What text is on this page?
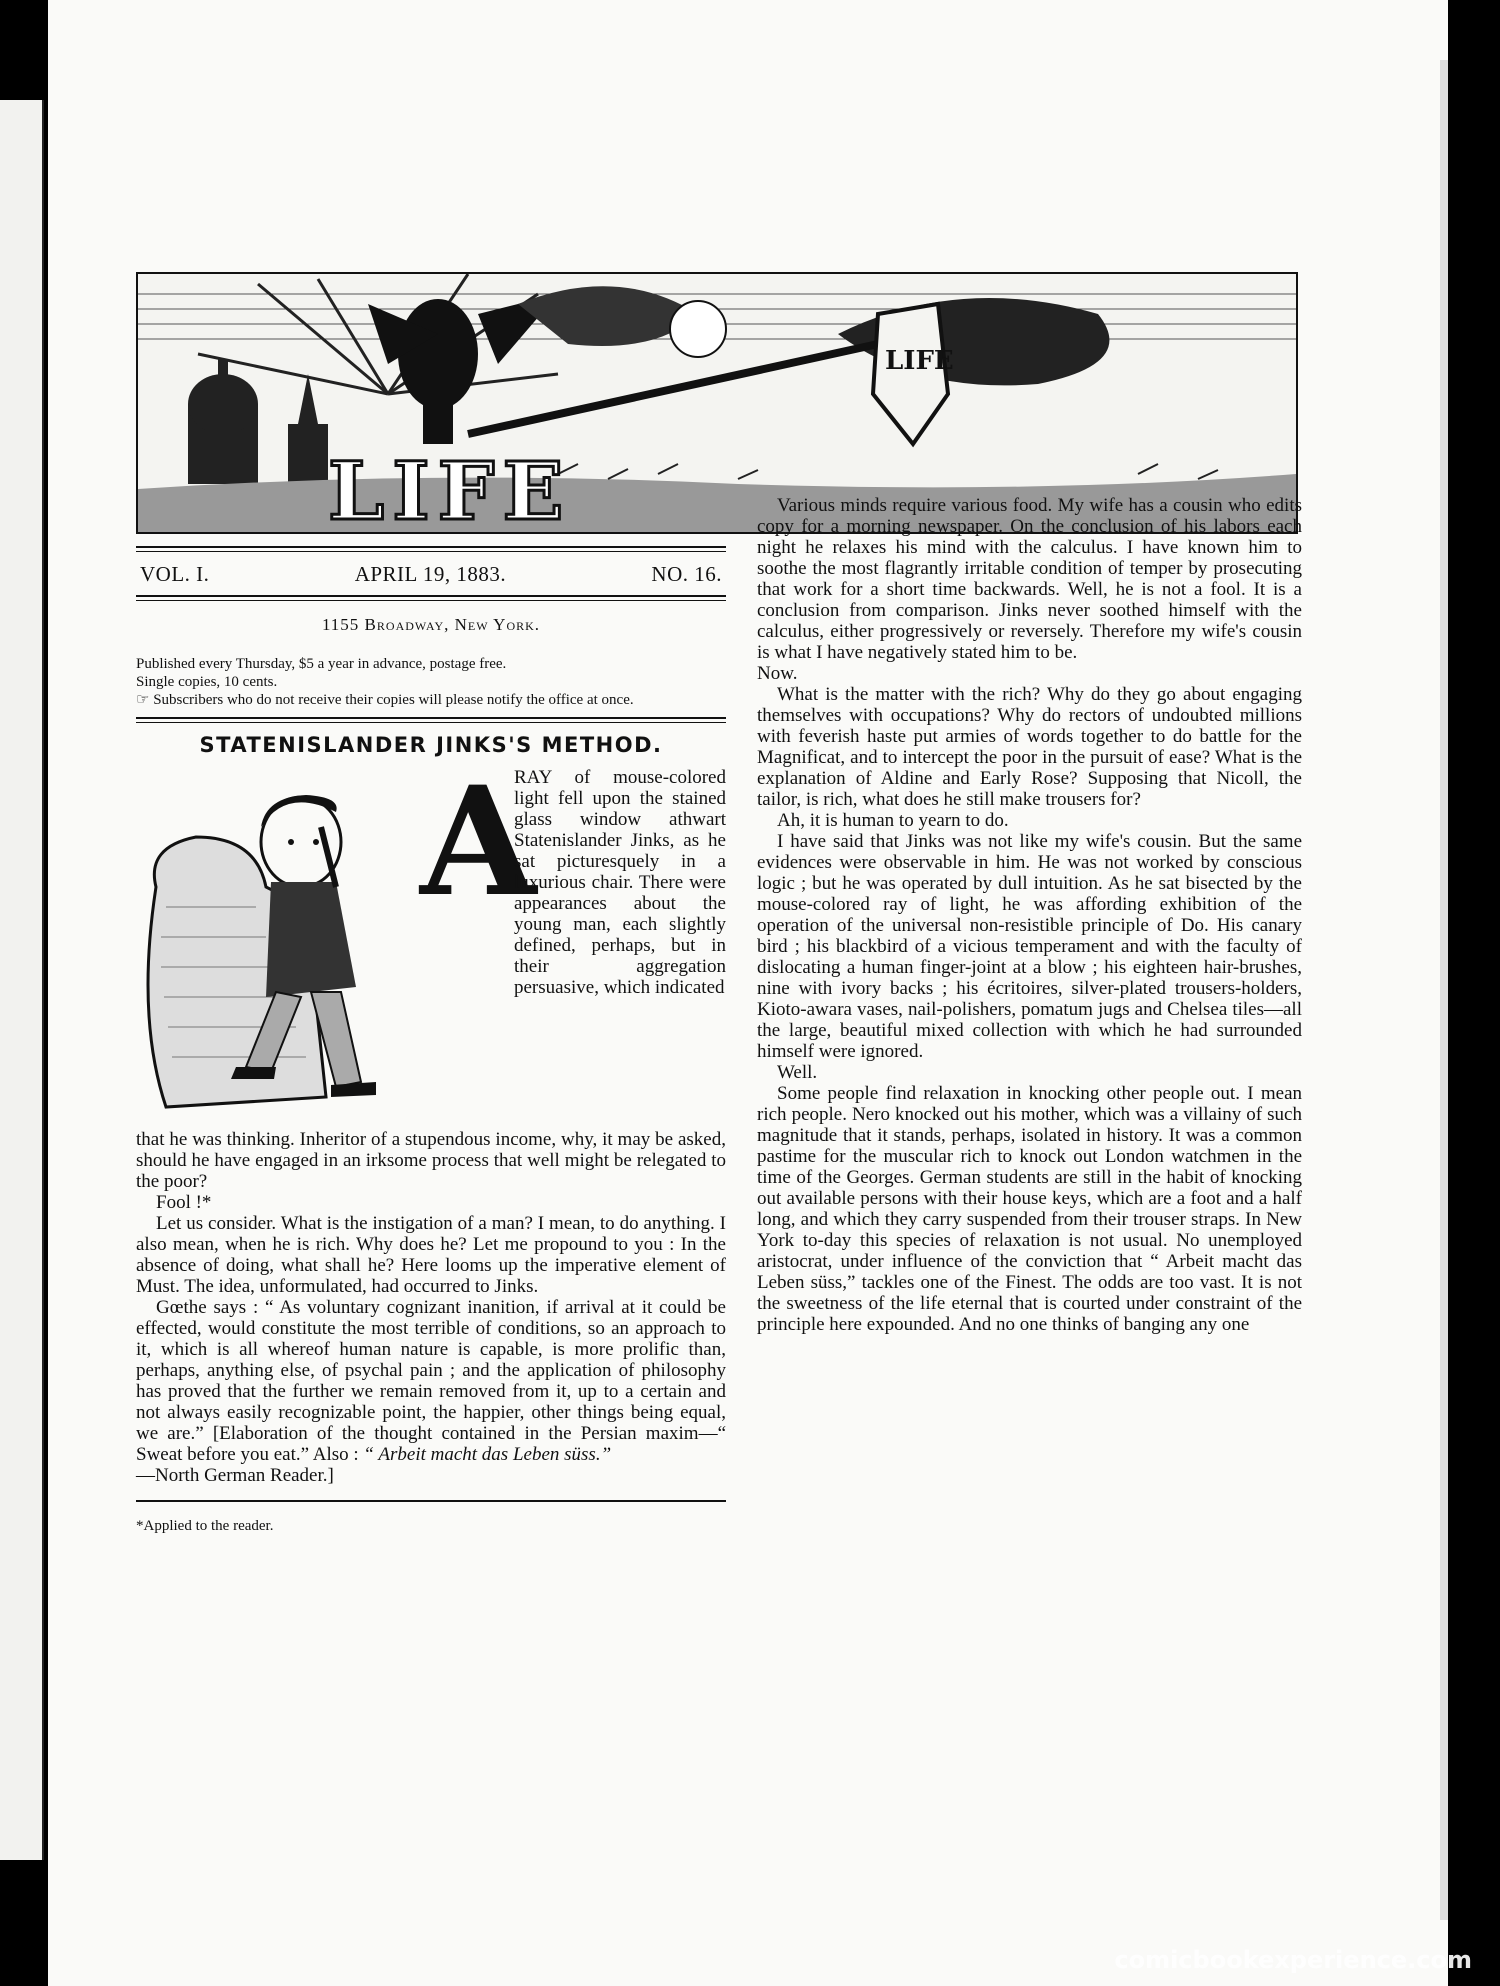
LIFE
LIFE
VOL. I.	APRIL 19, 1883.	NO. 16.
1155 Broadway, New York.

Published every Thursday, $5 a year in advance, postage free.

Single copies, 10 cents.

☞ Subscribers who do not receive their copies will please notify the office at once.

STATENISLANDER JINKS'S METHOD.
A
RAY of mouse-colored light fell upon the stained glass window athwart Statenislander Jinks, as he sat picturesquely in a luxurious chair. There were appearances about the young man, each slightly defined, perhaps, but in their aggregation persuasive, which indicated

that he was thinking. Inheritor of a stupendous income, why, it may be asked, should he have engaged in an irksome process that well might be relegated to the poor?

Fool !*

Let us consider. What is the instigation of a man? I mean, to do anything. I also mean, when he is rich. Why does he? Let me propound to you : In the absence of doing, what shall he? Here looms up the imperative element of Must. The idea, unformulated, had occurred to Jinks.

Gœthe says : “ As voluntary cognizant inanition, if arrival at it could be effected, would constitute the most terrible of conditions, so an approach to it, which is all whereof human nature is capable, is more prolific than, perhaps, anything else, of psychal pain ; and the application of philosophy has proved that the further we remain removed from it, up to a certain and not always easily recognizable point, the happier, other things being equal, we are.” [Elaboration of the thought contained in the Persian maxim—“ Sweat before you eat.” Also : “ Arbeit macht das Leben süss.”

—North German Reader.]

*Applied to the reader.

Various minds require various food. My wife has a cousin who edits copy for a morning newspaper. On the conclusion of his labors each night he relaxes his mind with the calculus. I have known him to soothe the most flagrantly irritable condition of temper by prosecuting that work for a short time backwards. Well, he is not a fool. It is a conclusion from comparison. Jinks never soothed himself with the calculus, either progressively or reversely. Therefore my wife's cousin is what I have negatively stated him to be.

Now.

What is the matter with the rich? Why do they go about engaging themselves with occupations? Why do rectors of undoubted millions with feverish haste put armies of words together to do battle for the Magnificat, and to intercept the poor in the pursuit of ease? What is the explanation of Aldine and Early Rose? Supposing that Nicoll, the tailor, is rich, what does he still make trousers for?

Ah, it is human to yearn to do.

I have said that Jinks was not like my wife's cousin. But the same evidences were observable in him. He was not worked by conscious logic ; but he was operated by dull intuition. As he sat bisected by the mouse-colored ray of light, he was affording exhibition of the operation of the universal non-resistible principle of Do. His canary bird ; his blackbird of a vicious temperament and with the faculty of dislocating a human finger-joint at a blow ; his eighteen hair-brushes, nine with ivory backs ; his écritoires, silver-plated trousers-holders, Kioto-awara vases, nail-polishers, pomatum jugs and Chelsea tiles—all the large, beautiful mixed collection with which he had surrounded himself were ignored.

Well.

Some people find relaxation in knocking other people out. I mean rich people. Nero knocked out his mother, which was a villainy of such magnitude that it stands, perhaps, isolated in history. It was a common pastime for the muscular rich to knock out London watchmen in the time of the Georges. German students are still in the habit of knocking out available persons with their house keys, which are a foot and a half long, and which they carry suspended from their trouser straps. In New York to-day this species of relaxation is not usual. No unemployed aristocrat, under influence of the conviction that “ Arbeit macht das Leben süss,” tackles one of the Finest. The odds are too vast. It is not the sweetness of the life eternal that is courted under constraint of the principle here expounded. And no one thinks of banging any one

comicbookexperience.com
